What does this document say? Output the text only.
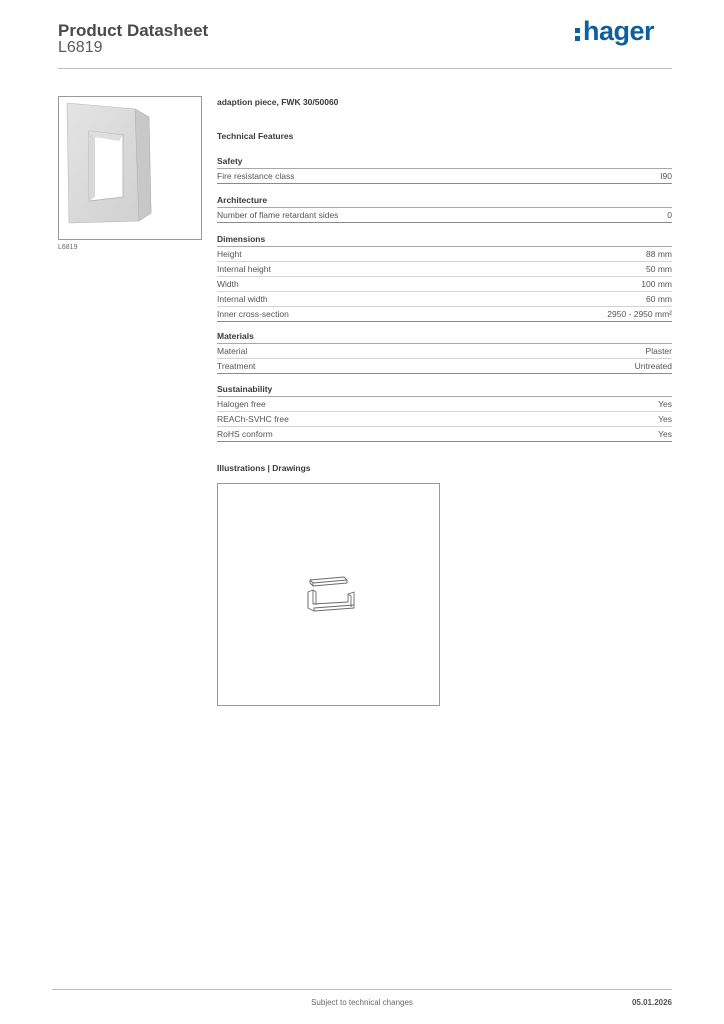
Product Datasheet
L6819
hager
L6819
adaption piece, FWK 30/50060
Technical Features
Safety
Fire resistance class	I90
Architecture
Number of flame retardant sides	0
Dimensions
Height	88 mm
Internal height	50 mm
Width	100 mm
Internal width	60 mm
Inner cross-section	2950 - 2950 mm²
Materials
Material	Plaster
Treatment	Untreated
Sustainability
Halogen free	Yes
REACh-SVHC free	Yes
RoHS conform	Yes
Illustrations | Drawings
Subject to technical changes	05.01.2026
